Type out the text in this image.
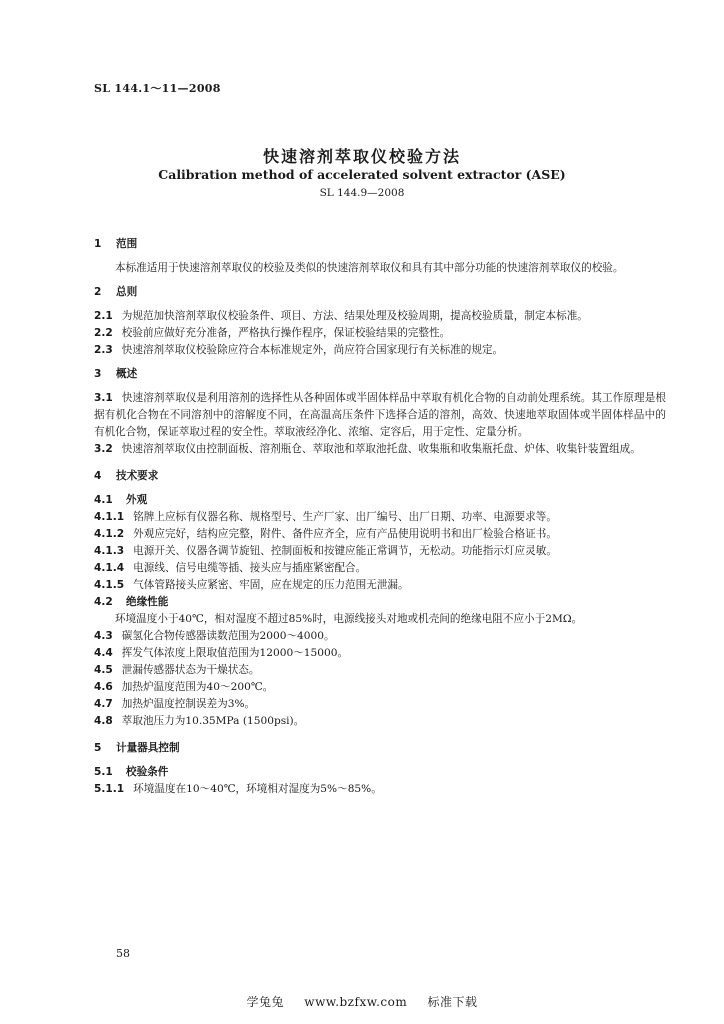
SL 144.1～11—2008
快速溶剂萃取仪校验方法
Calibration method of accelerated solvent extractor (ASE)
SL 144.9—2008

1 范围

本标准适用于快速溶剂萃取仪的校验及类似的快速溶剂萃取仪和具有其中部分功能的快速溶剂萃取仪的校验。

2 总则

2.1 为规范加快溶剂萃取仪校验条件、项目、方法、结果处理及校验周期，提高校验质量，制定本标准。

2.2 校验前应做好充分准备，严格执行操作程序，保证校验结果的完整性。

2.3 快速溶剂萃取仪校验除应符合本标准规定外，尚应符合国家现行有关标准的规定。

3 概述

3.1 快速溶剂萃取仪是利用溶剂的选择性从各种固体或半固体样品中萃取有机化合物的自动前处理系统。其工作原理是根据有机化合物在不同溶剂中的溶解度不同，在高温高压条件下选择合适的溶剂，高效、快速地萃取固体或半固体样品中的有机化合物，保证萃取过程的安全性。萃取液经净化、浓缩、定容后，用于定性、定量分析。

3.2 快速溶剂萃取仪由控制面板、溶剂瓶仓、萃取池和萃取池托盘、收集瓶和收集瓶托盘、炉体、收集针装置组成。

4 技术要求

4.1 外观

4.1.1 铭牌上应标有仪器名称、规格型号、生产厂家、出厂编号、出厂日期、功率、电源要求等。

4.1.2 外观应完好，结构应完整，附件、备件应齐全，应有产品使用说明书和出厂检验合格证书。

4.1.3 电源开关、仪器各调节旋钮、控制面板和按键应能正常调节，无松动。功能指示灯应灵敏。

4.1.4 电源线、信号电缆等插、接头应与插座紧密配合。

4.1.5 气体管路接头应紧密、牢固，应在规定的压力范围无泄漏。

4.2 绝缘性能

环境温度小于40℃，相对湿度不超过85%时，电源线接头对地或机壳间的绝缘电阻不应小于2MΩ。

4.3 碳氢化合物传感器读数范围为2000～4000。

4.4 挥发气体浓度上限取值范围为12000～15000。

4.5 泄漏传感器状态为干燥状态。

4.6 加热炉温度范围为40～200℃。

4.7 加热炉温度控制误差为3%。

4.8 萃取池压力为10.35MPa (1500psi)。

5 计量器具控制

5.1 校验条件

5.1.1 环境温度在10～40℃，环境相对湿度为5%～85%。

58
学兔兔 www.bzfxw.com 标准下载
